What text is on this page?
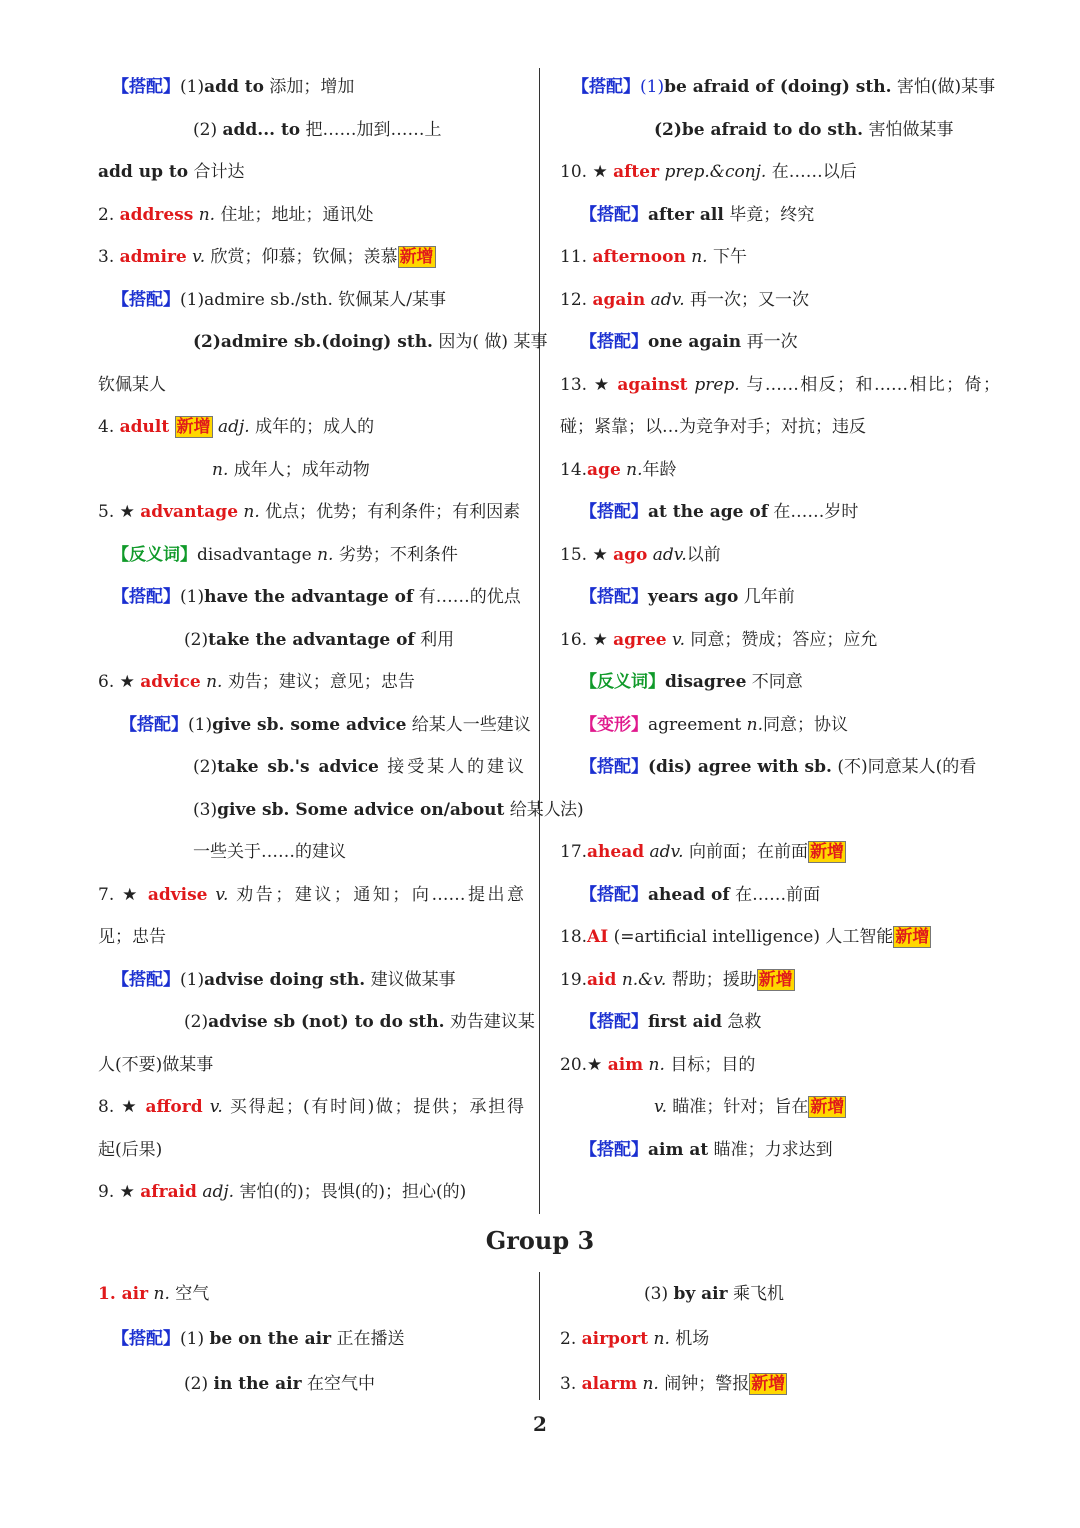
【搭配】(1)add to 添加；增加
(2) add... to 把……加到……上
add up to 合计达
2. address n. 住址；地址；通讯处
3. admire v. 欣赏；仰慕；钦佩；羡慕 新增
【搭配】(1)admire sb./sth. 钦佩某人/某事
(2)admire sb.(doing) sth. 因为( 做) 某事
钦佩某人
4. adult 新增 adj. 成年的；成人的
n. 成年人；成年动物
5. ★ advantage n. 优点；优势；有利条件；有利因素
【反义词】disadvantage n. 劣势；不利条件
【搭配】(1)have the advantage of 有……的优点
(2)take the advantage of 利用
6. ★ advice n. 劝告；建议；意见；忠告
【搭配】(1)give sb. some advice 给某人一些建议
(2)take sb.'s advice 接受某人的建议
(3)give sb. Some advice on/about 给某人
一些关于……的建议
7. ★ advise v. 劝告；建议；通知；向……提出意
见；忠告
【搭配】(1)advise doing sth. 建议做某事
(2)advise sb (not) to do sth. 劝告建议某
人(不要)做某事
8. ★ afford v. 买得起；(有时间)做；提供；承担得
起(后果)
9. ★ afraid adj. 害怕(的)；畏惧(的)；担心(的)
【搭配】(1)be afraid of (doing) sth. 害怕(做)某事
(2)be afraid to do sth. 害怕做某事
10. ★ after prep.&conj. 在……以后
【搭配】after all 毕竟；终究
11. afternoon n. 下午
12. again adv. 再一次；又一次
【搭配】one again 再一次
13. ★ against prep. 与……相反；和……相比；倚；
碰；紧靠；以…为竞争对手；对抗；违反
14.age n.年龄
【搭配】at the age of 在……岁时
15. ★ ago adv.以前
【搭配】years ago 几年前
16. ★ agree v. 同意；赞成；答应；应允
【反义词】disagree 不同意
【变形】agreement n.同意；协议
【搭配】(dis) agree with sb. (不)同意某人(的看
法)
17.ahead adv. 向前面；在前面 新增
【搭配】ahead of 在……前面
18.AI (=artificial intelligence) 人工智能 新增
19.aid n.&v. 帮助；援助 新增
【搭配】first aid 急救
20.★ aim n. 目标；目的
v. 瞄准；针对；旨在 新增
【搭配】aim at 瞄准；力求达到
Group 3
1. air n. 空气
【搭配】(1) be on the air 正在播送
(2) in the air 在空气中
(3) by air 乘飞机
2. airport n. 机场
3. alarm n. 闹钟；警报 新增
2
